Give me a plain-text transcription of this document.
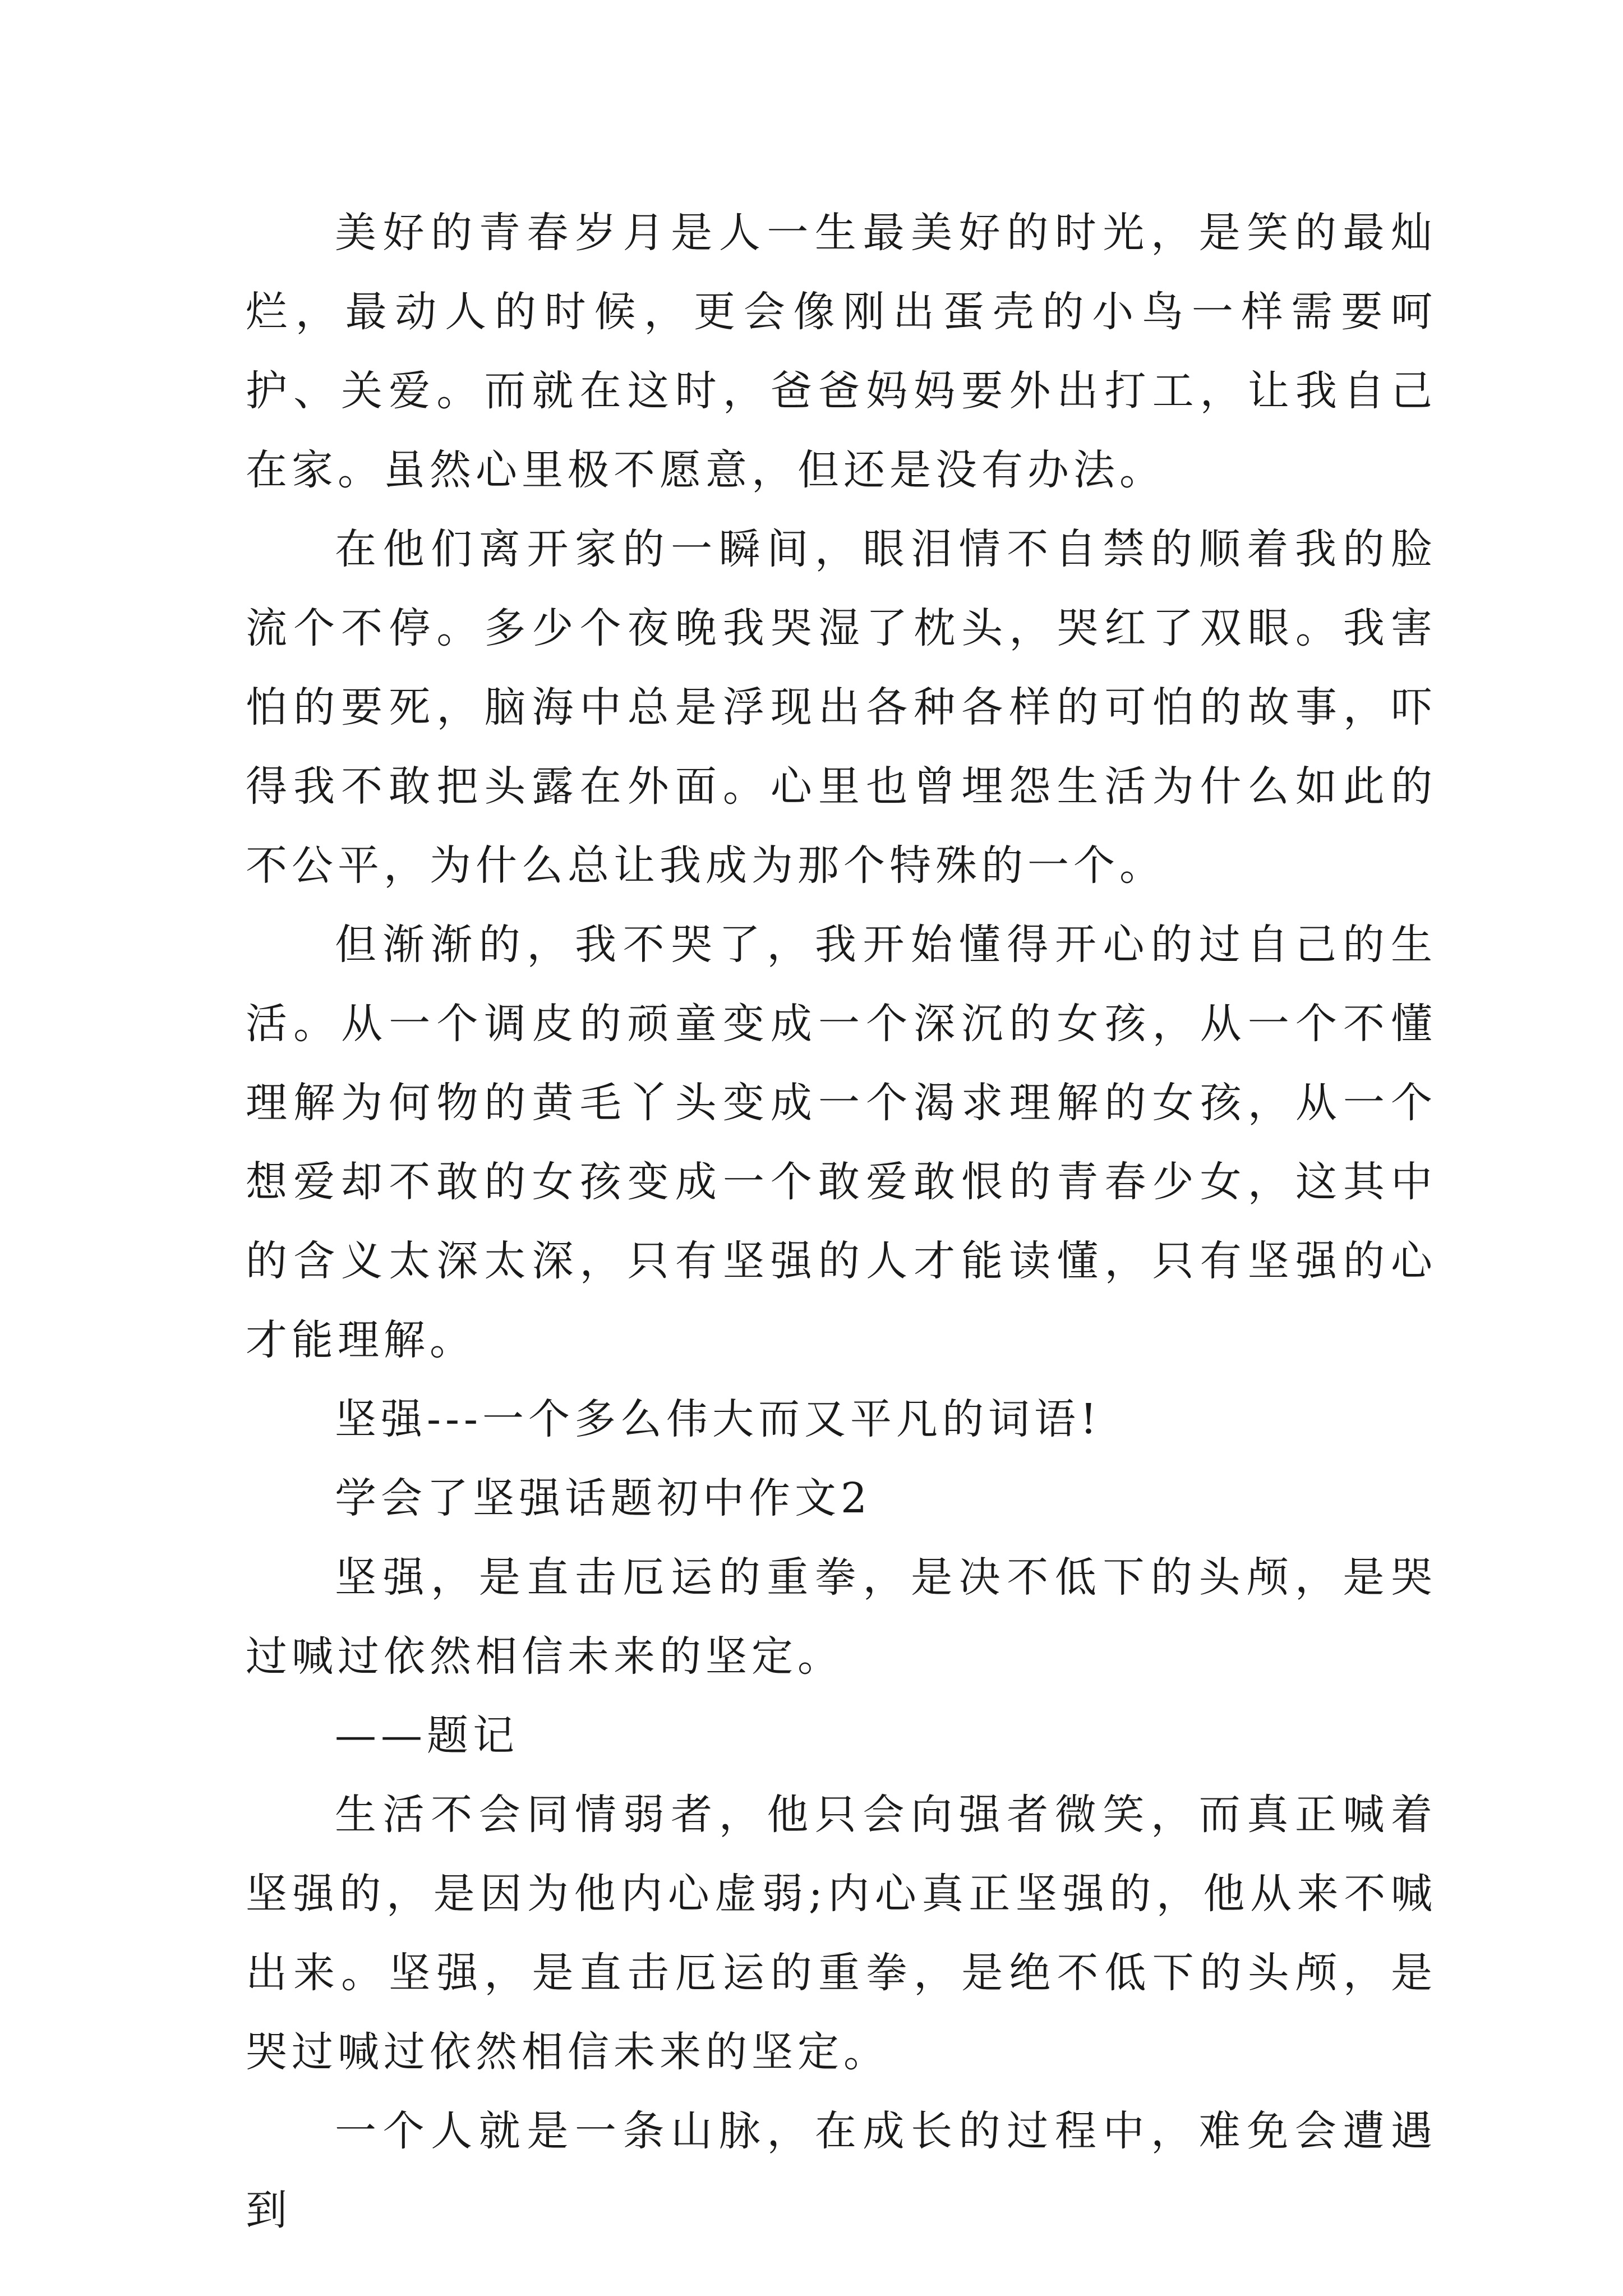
美好的青春岁月是人一生最美好的时光，是笑的最灿烂，最动人的时候，更会像刚出蛋壳的小鸟一样需要呵护、关爱。而就在这时，爸爸妈妈要外出打工，让我自己在家。虽然心里极不愿意，但还是没有办法。

在他们离开家的一瞬间，眼泪情不自禁的顺着我的脸流个不停。多少个夜晚我哭湿了枕头，哭红了双眼。我害怕的要死，脑海中总是浮现出各种各样的可怕的故事，吓得我不敢把头露在外面。心里也曾埋怨生活为什么如此的不公平，为什么总让我成为那个特殊的一个。

但渐渐的，我不哭了，我开始懂得开心的过自己的生活。从一个调皮的顽童变成一个深沉的女孩，从一个不懂理解为何物的黄毛丫头变成一个渴求理解的女孩，从一个想爱却不敢的女孩变成一个敢爱敢恨的青春少女，这其中的含义太深太深，只有坚强的人才能读懂，只有坚强的心才能理解。

坚强---一个多么伟大而又平凡的词语!

学会了坚强话题初中作文2

坚强，是直击厄运的重拳，是决不低下的头颅，是哭过喊过依然相信未来的坚定。

——题记

生活不会同情弱者，他只会向强者微笑，而真正喊着坚强的，是因为他内心虚弱;内心真正坚强的，他从来不喊出来。坚强，是直击厄运的重拳，是绝不低下的头颅，是哭过喊过依然相信未来的坚定。

一个人就是一条山脉，在成长的过程中，难免会遭遇到
